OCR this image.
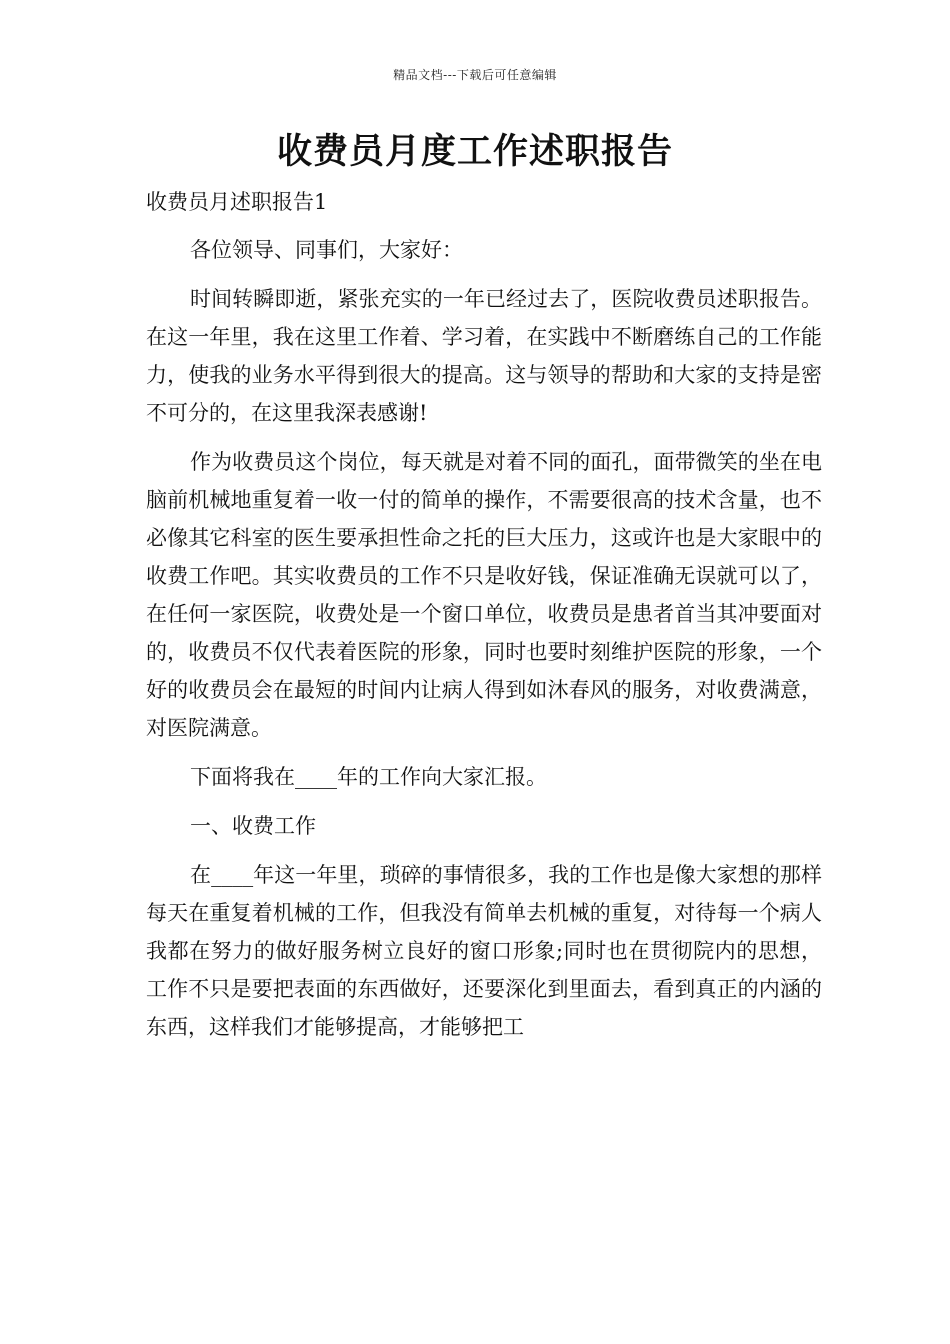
精品文档---下载后可任意编辑
收费员月度工作述职报告

收费员月述职报告1

各位领导、同事们，大家好：

时间转瞬即逝，紧张充实的一年已经过去了，医院收费员述职报告。在这一年里，我在这里工作着、学习着，在实践中不断磨练自己的工作能力，使我的业务水平得到很大的提高。这与领导的帮助和大家的支持是密不可分的，在这里我深表感谢!

作为收费员这个岗位，每天就是对着不同的面孔，面带微笑的坐在电脑前机械地重复着一收一付的简单的操作，不需要很高的技术含量，也不必像其它科室的医生要承担性命之托的巨大压力，这或许也是大家眼中的收费工作吧。其实收费员的工作不只是收好钱，保证准确无误就可以了，在任何一家医院，收费处是一个窗口单位，收费员是患者首当其冲要面对的，收费员不仅代表着医院的形象，同时也要时刻维护医院的形象，一个好的收费员会在最短的时间内让病人得到如沐春风的服务，对收费满意，对医院满意。

下面将我在____年的工作向大家汇报。

一、收费工作

在____年这一年里，琐碎的事情很多，我的工作也是像大家想的那样每天在重复着机械的工作，但我没有简单去机械的重复，对待每一个病人我都在努力的做好服务树立良好的窗口形象;同时也在贯彻院内的思想，工作不只是要把表面的东西做好，还要深化到里面去，看到真正的内涵的东西，这样我们才能够提高，才能够把工
